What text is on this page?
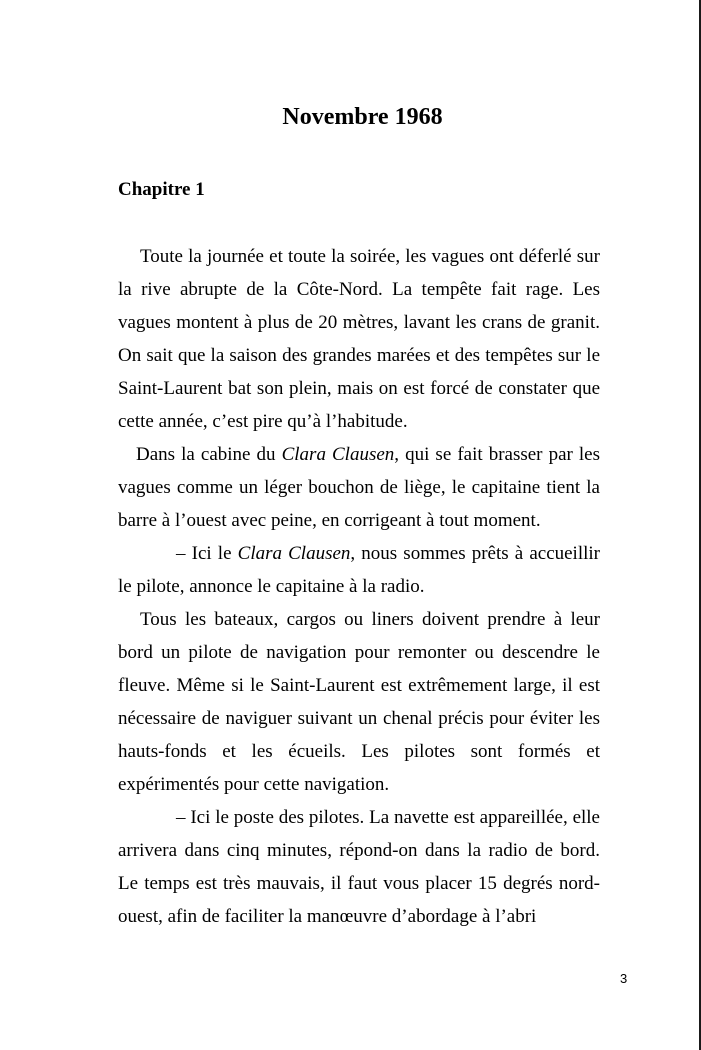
Novembre 1968
Chapitre 1

Toute la journée et toute la soirée, les vagues ont déferlé sur la rive abrupte de la Côte-Nord. La tempête fait rage. Les vagues montent à plus de 20 mètres, lavant les crans de granit. On sait que la saison des grandes marées et des tempêtes sur le Saint-Laurent bat son plein, mais on est forcé de constater que cette année, c’est pire qu’à l’habitude.

Dans la cabine du Clara Clausen, qui se fait brasser par les vagues comme un léger bouchon de liège, le capitaine tient la barre à l’ouest avec peine, en corrigeant à tout moment.

– Ici le Clara Clausen, nous sommes prêts à accueillir le pilote, annonce le capitaine à la radio.

Tous les bateaux, cargos ou liners doivent prendre à leur bord un pilote de navigation pour remonter ou descendre le fleuve. Même si le Saint-Laurent est extrêmement large, il est nécessaire de naviguer suivant un chenal précis pour éviter les hauts-fonds et les écueils. Les pilotes sont formés et expérimentés pour cette navigation.

– Ici le poste des pilotes. La navette est appareillée, elle arrivera dans cinq minutes, répond-on dans la radio de bord. Le temps est très mauvais, il faut vous placer 15 degrés nord-ouest, afin de faciliter la manœuvre d’abordage à l’abri

3
